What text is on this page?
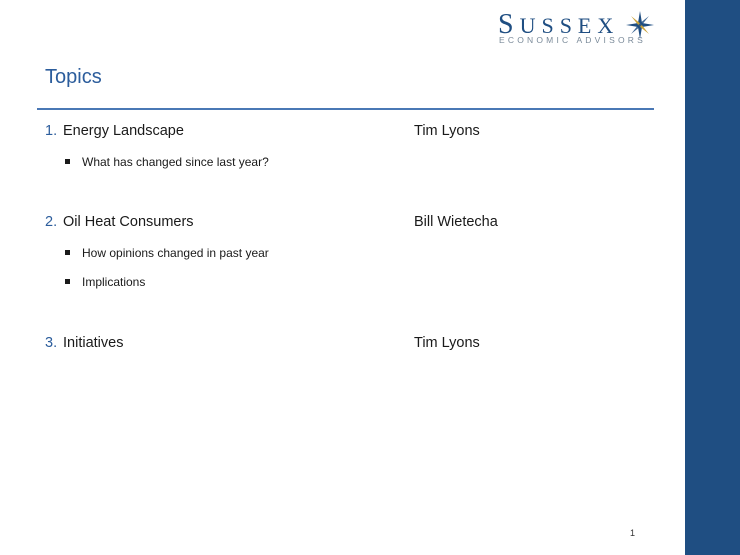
SUSSEX
ECONOMIC ADVISORS
Topics
1. Energy Landscape	Tim Lyons
What has changed since last year?
2. Oil Heat Consumers	Bill Wietecha
How opinions changed in past year
Implications
3. Initiatives	Tim Lyons
1
